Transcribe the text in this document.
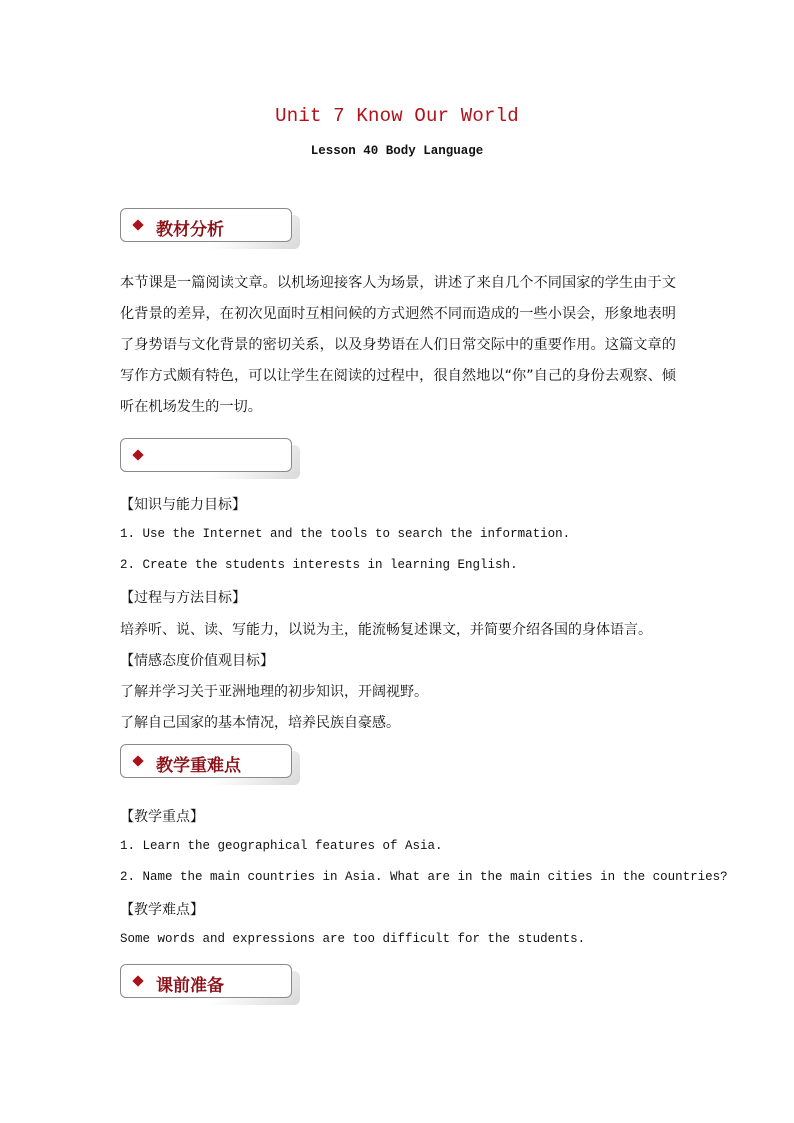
Unit 7 Know Our World
Lesson 40 Body Language
教材分析
本节课是一篇阅读文章。以机场迎接客人为场景，讲述了来自几个不同国家的学生由于文化背景的差异，在初次见面时互相问候的方式迥然不同而造成的一些小误会，形象地表明了身势语与文化背景的密切关系，以及身势语在人们日常交际中的重要作用。这篇文章的写作方式颇有特色，可以让学生在阅读的过程中，很自然地以“你”自己的身份去观察、倾听在机场发生的一切。
【知识与能力目标】
1. Use the Internet and the tools to search the information.
2. Create the students interests in learning English.
【过程与方法目标】
培养听、说、读、写能力，以说为主，能流畅复述课文，并简要介绍各国的身体语言。
【情感态度价值观目标】
了解并学习关于亚洲地理的初步知识，开阔视野。
了解自己国家的基本情况，培养民族自豪感。
教学重难点
【教学重点】
1. Learn the geographical features of Asia.
2. Name the main countries in Asia. What are in the main cities in the countries?
【教学难点】
Some words and expressions are too difficult for the students.
课前准备
